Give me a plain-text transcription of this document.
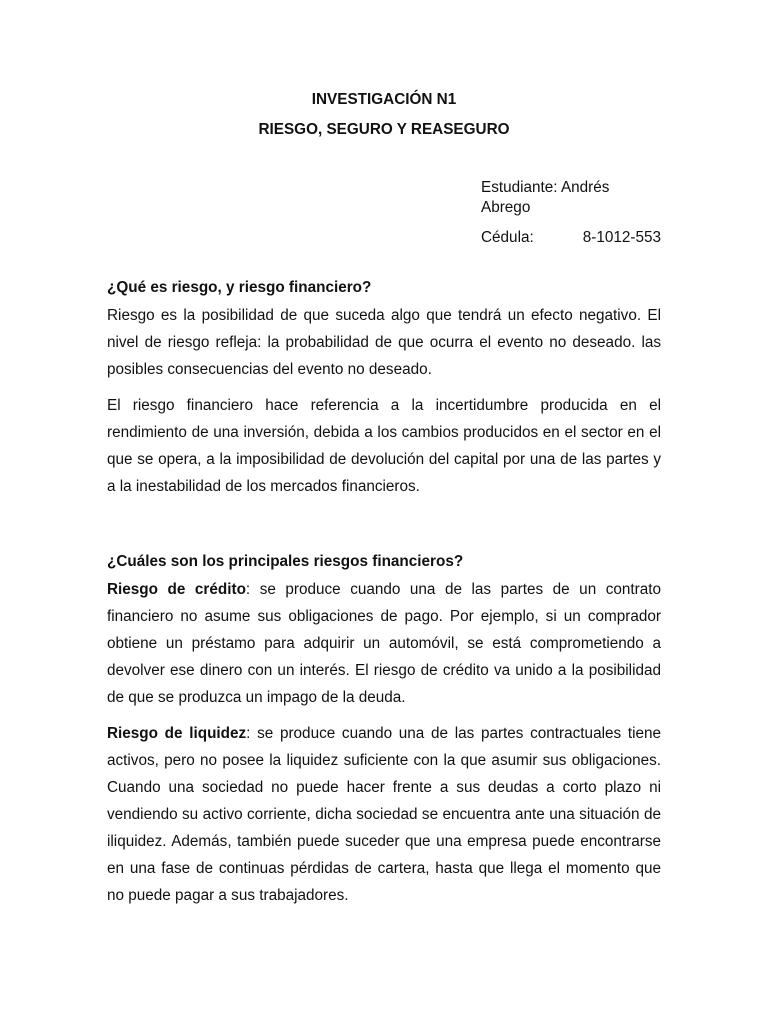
INVESTIGACIÓN N1

RIESGO, SEGURO Y REASEGURO

Estudiante: Andrés Abrego
Cédula:	8-1012-553

¿Qué es riesgo, y riesgo financiero?

Riesgo es la posibilidad de que suceda algo que tendrá un efecto negativo. El nivel de riesgo refleja: la probabilidad de que ocurra el evento no deseado. las posibles consecuencias del evento no deseado.

El riesgo financiero hace referencia a la incertidumbre producida en el rendimiento de una inversión, debida a los cambios producidos en el sector en el que se opera, a la imposibilidad de devolución del capital por una de las partes y a la inestabilidad de los mercados financieros.

¿Cuáles son los principales riesgos financieros?

Riesgo de crédito: se produce cuando una de las partes de un contrato financiero no asume sus obligaciones de pago. Por ejemplo, si un comprador obtiene un préstamo para adquirir un automóvil, se está comprometiendo a devolver ese dinero con un interés. El riesgo de crédito va unido a la posibilidad de que se produzca un impago de la deuda.

Riesgo de liquidez: se produce cuando una de las partes contractuales tiene activos, pero no posee la liquidez suficiente con la que asumir sus obligaciones. Cuando una sociedad no puede hacer frente a sus deudas a corto plazo ni vendiendo su activo corriente, dicha sociedad se encuentra ante una situación de iliquidez. Además, también puede suceder que una empresa puede encontrarse en una fase de continuas pérdidas de cartera, hasta que llega el momento que no puede pagar a sus trabajadores.
